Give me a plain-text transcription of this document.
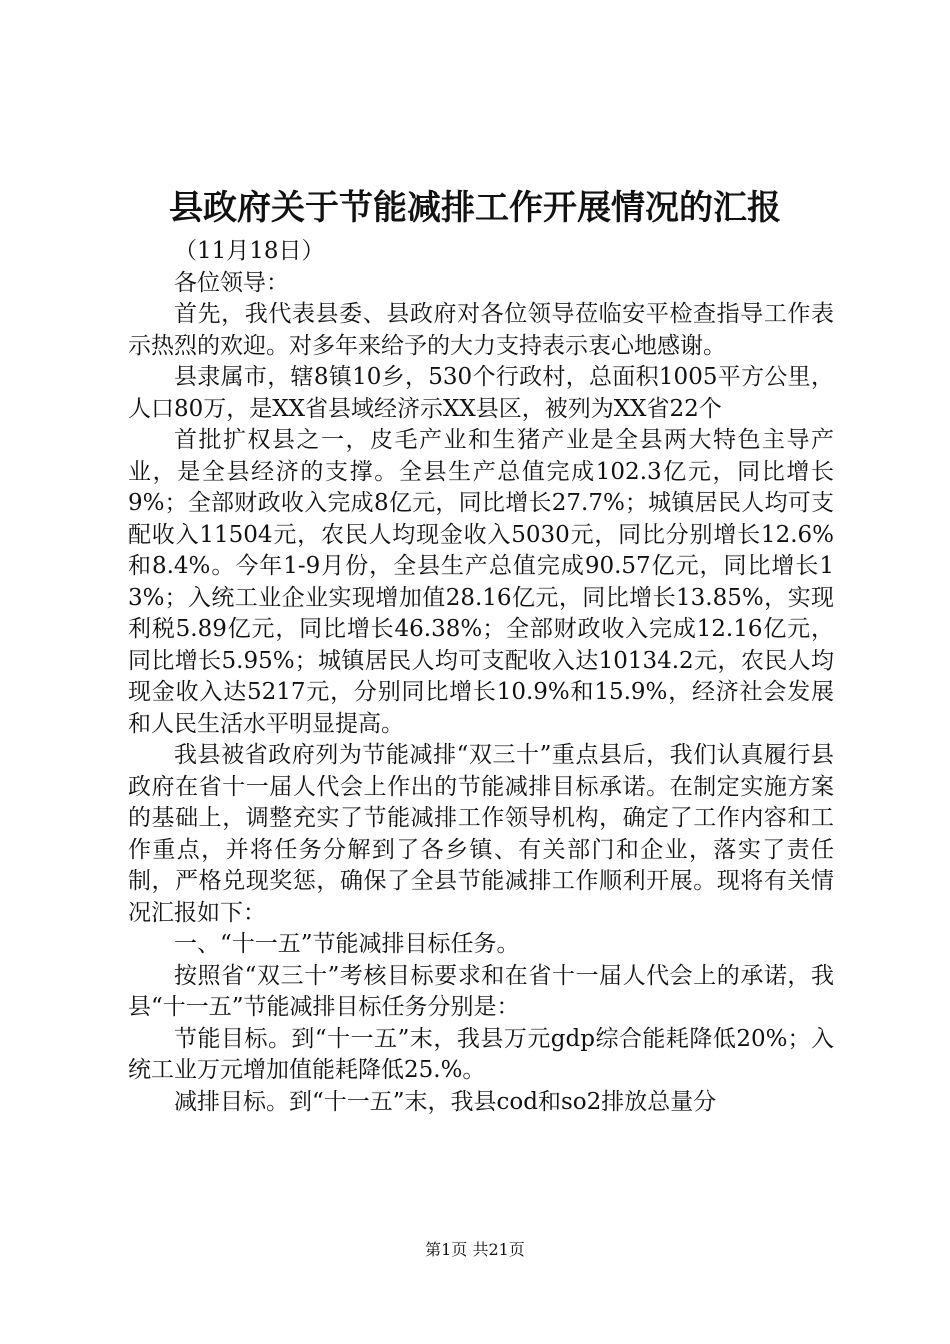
县政府关于节能减排工作开展情况的汇报

（11月18日）

各位领导：

首先，我代表县委、县政府对各位领导莅临安平检查指导工作表示热烈的欢迎。对多年来给予的大力支持表示衷心地感谢。

县隶属市，辖8镇10乡，530个行政村，总面积1005平方公里，人口80万，是XX省县域经济示XX县区，被列为XX省22个

首批扩权县之一，皮毛产业和生猪产业是全县两大特色主导产业，是全县经济的支撑。全县生产总值完成102.3亿元，同比增长9%；全部财政收入完成8亿元，同比增长27.7%；城镇居民人均可支配收入11504元，农民人均现金收入5030元，同比分别增长12.6%和8.4%。今年1-9月份，全县生产总值完成90.57亿元，同比增长13%；入统工业企业实现增加值28.16亿元，同比增长13.85%，实现利税5.89亿元，同比增长46.38%；全部财政收入完成12.16亿元，同比增长5.95%；城镇居民人均可支配收入达10134.2元，农民人均现金收入达5217元，分别同比增长10.9%和15.9%，经济社会发展和人民生活水平明显提高。

我县被省政府列为节能减排“双三十”重点县后，我们认真履行县政府在省十一届人代会上作出的节能减排目标承诺。在制定实施方案的基础上，调整充实了节能减排工作领导机构，确定了工作内容和工作重点，并将任务分解到了各乡镇、有关部门和企业，落实了责任制，严格兑现奖惩，确保了全县节能减排工作顺利开展。现将有关情况汇报如下：

一、“十一五”节能减排目标任务。

按照省“双三十”考核目标要求和在省十一届人代会上的承诺，我县“十一五”节能减排目标任务分别是：

节能目标。到“十一五”末，我县万元gdp综合能耗降低20%；入统工业万元增加值能耗降低25.%。

减排目标。到“十一五”末，我县cod和so2排放总量分

第1页 共21页
